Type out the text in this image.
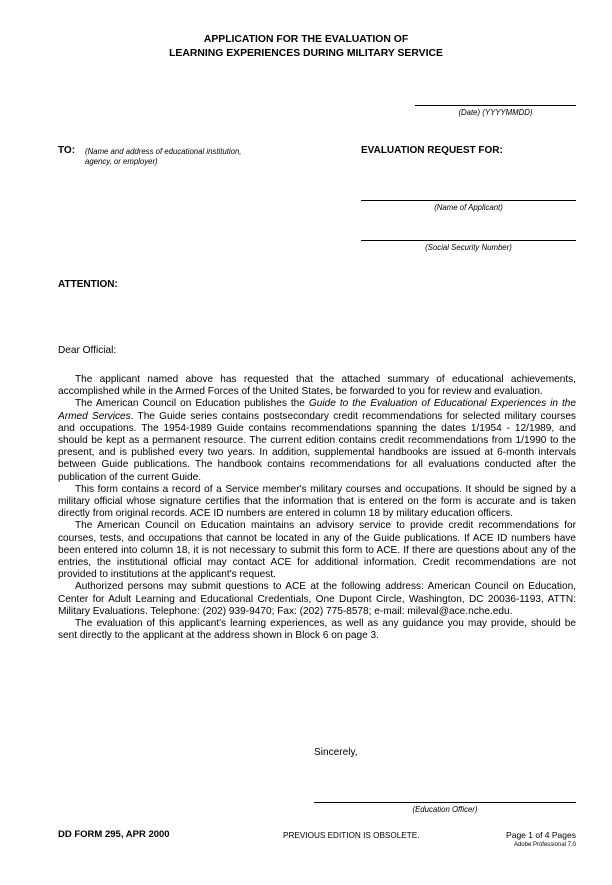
APPLICATION FOR THE EVALUATION OF
LEARNING EXPERIENCES DURING MILITARY SERVICE
(Date) (YYYYMMDD)
TO: (Name and address of educational institution,
agency, or employer)
EVALUATION REQUEST FOR:
(Name of Applicant)
(Social Security Number)
ATTENTION:
Dear Official:

The applicant named above has requested that the attached summary of educational achievements, accomplished while in the Armed Forces of the United States, be forwarded to you for review and evaluation.

The American Council on Education publishes the Guide to the Evaluation of Educational Experiences in the Armed Services. The Guide series contains postsecondary credit recommendations for selected military courses and occupations. The 1954-1989 Guide contains recommendations spanning the dates 1/1954 - 12/1989, and should be kept as a permanent resource. The current edition contains credit recommendations from 1/1990 to the present, and is published every two years. In addition, supplemental handbooks are issued at 6-month intervals between Guide publications. The handbook contains recommendations for all evaluations conducted after the publication of the current Guide.

This form contains a record of a Service member's military courses and occupations. It should be signed by a military official whose signature certifies that the information that is entered on the form is accurate and is taken directly from original records. ACE ID numbers are entered in column 18 by military education officers.

The American Council on Education maintains an advisory service to provide credit recommendations for courses, tests, and occupations that cannot be located in any of the Guide publications. If ACE ID numbers have been entered into column 18, it is not necessary to submit this form to ACE. If there are questions about any of the entries, the institutional official may contact ACE for additional information. Credit recommendations are not provided to institutions at the applicant's request.

Authorized persons may submit questions to ACE at the following address: American Council on Education, Center for Adult Learning and Educational Credentials, One Dupont Circle, Washington, DC 20036-1193, ATTN: Military Evaluations. Telephone: (202) 939-9470; Fax: (202) 775-8578; e-mail: mileval@ace.nche.edu.

The evaluation of this applicant's learning experiences, as well as any guidance you may provide, should be sent directly to the applicant at the address shown in Block 6 on page 3.

Sincerely,
(Education Officer)
DD FORM 295, APR 2000	PREVIOUS EDITION IS OBSOLETE.	Page 1 of 4 Pages
Adobe Professional 7.0
